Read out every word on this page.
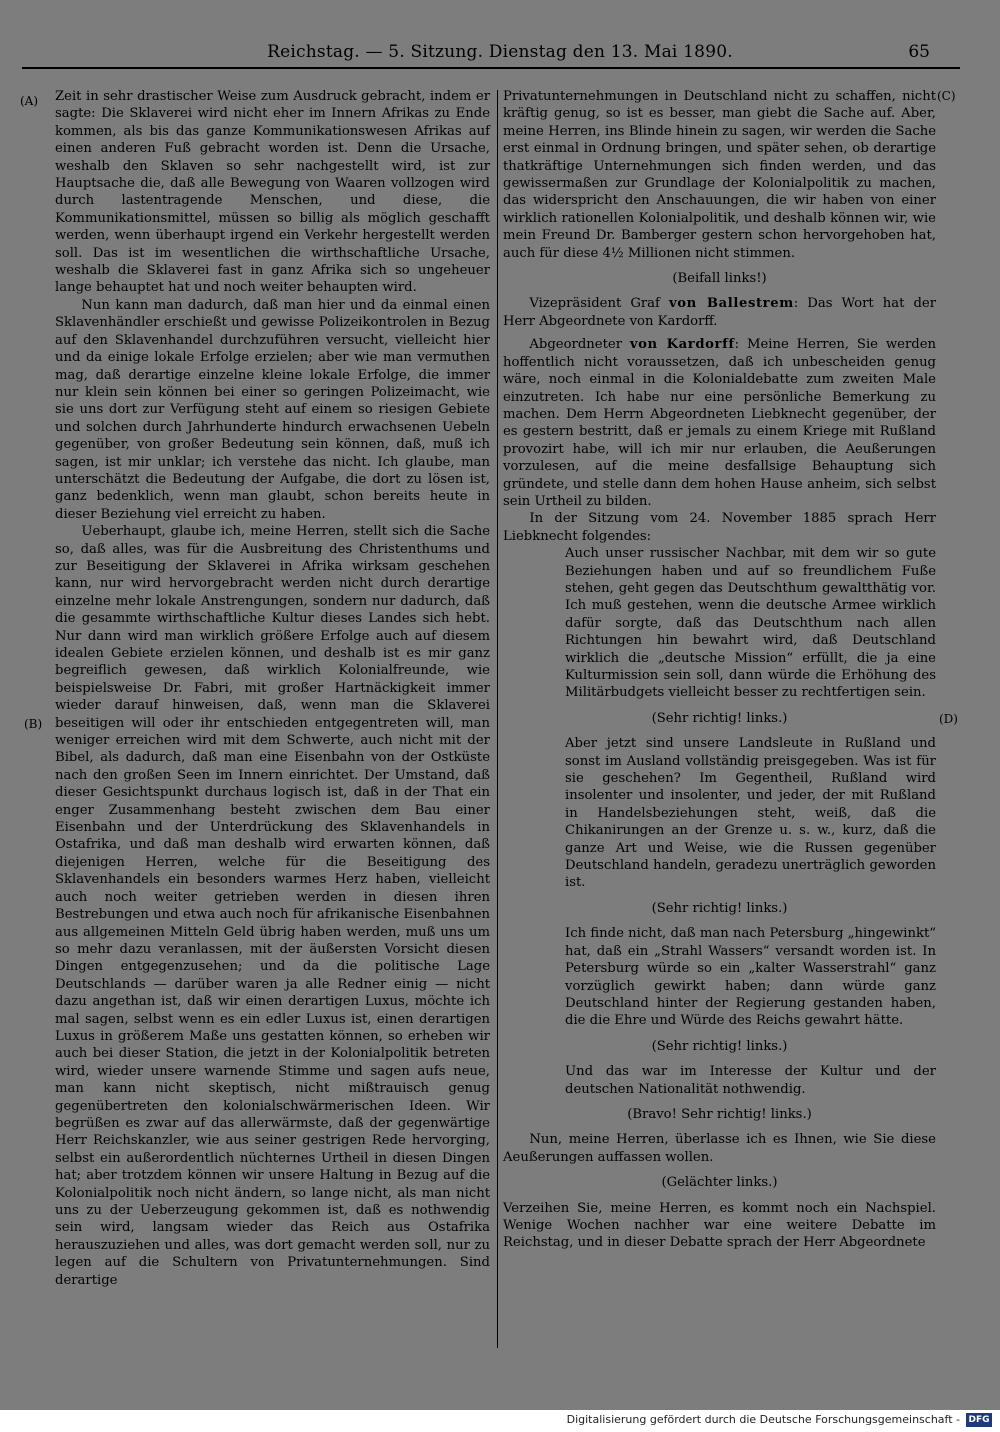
Reichstag. — 5. Sitzung. Dienstag den 13. Mai 1890.	65
(A)
(B)
(C)
(D)

Zeit in sehr drastischer Weise zum Ausdruck gebracht, indem er sagte: Die Sklaverei wird nicht eher im Innern Afrikas zu Ende kommen, als bis das ganze Kommunikationswesen Afrikas auf einen anderen Fuß gebracht worden ist. Denn die Ursache, weshalb den Sklaven so sehr nachgestellt wird, ist zur Hauptsache die, daß alle Bewegung von Waaren vollzogen wird durch lastentragende Menschen, und diese, die Kommunikationsmittel, müssen so billig als möglich geschafft werden, wenn überhaupt irgend ein Verkehr hergestellt werden soll. Das ist im wesentlichen die wirthschaftliche Ursache, weshalb die Sklaverei fast in ganz Afrika sich so ungeheuer lange behauptet hat und noch weiter behaupten wird.

Nun kann man dadurch, daß man hier und da einmal einen Sklavenhändler erschießt und gewisse Polizeikontrolen in Bezug auf den Sklavenhandel durchzuführen versucht, vielleicht hier und da einige lokale Erfolge erzielen; aber wie man vermuthen mag, daß derartige einzelne kleine lokale Erfolge, die immer nur klein sein können bei einer so geringen Polizeimacht, wie sie uns dort zur Verfügung steht auf einem so riesigen Gebiete und solchen durch Jahrhunderte hindurch erwachsenen Uebeln gegenüber, von großer Bedeutung sein können, daß, muß ich sagen, ist mir unklar; ich verstehe das nicht. Ich glaube, man unterschätzt die Bedeutung der Aufgabe, die dort zu lösen ist, ganz bedenklich, wenn man glaubt, schon bereits heute in dieser Beziehung viel erreicht zu haben.

Ueberhaupt, glaube ich, meine Herren, stellt sich die Sache so, daß alles, was für die Ausbreitung des Christenthums und zur Beseitigung der Sklaverei in Afrika wirksam geschehen kann, nur wird hervorgebracht werden nicht durch derartige einzelne mehr lokale Anstrengungen, sondern nur dadurch, daß die gesammte wirthschaftliche Kultur dieses Landes sich hebt. Nur dann wird man wirklich größere Erfolge auch auf diesem idealen Gebiete erzielen können, und deshalb ist es mir ganz begreiflich gewesen, daß wirklich Kolonialfreunde, wie beispielsweise Dr. Fabri, mit großer Hartnäckigkeit immer wieder darauf hinweisen, daß, wenn man die Sklaverei beseitigen will oder ihr entschieden entgegentreten will, man weniger erreichen wird mit dem Schwerte, auch nicht mit der Bibel, als dadurch, daß man eine Eisenbahn von der Ostküste nach den großen Seen im Innern einrichtet. Der Umstand, daß dieser Gesichtspunkt durchaus logisch ist, daß in der That ein enger Zusammenhang besteht zwischen dem Bau einer Eisenbahn und der Unterdrückung des Sklavenhandels in Ostafrika, und daß man deshalb wird erwarten können, daß diejenigen Herren, welche für die Beseitigung des Sklavenhandels ein besonders warmes Herz haben, vielleicht auch noch weiter getrieben werden in diesen ihren Bestrebungen und etwa auch noch für afrikanische Eisenbahnen aus allgemeinen Mitteln Geld übrig haben werden, muß uns um so mehr dazu veranlassen, mit der äußersten Vorsicht diesen Dingen entgegenzusehen; und da die politische Lage Deutschlands — darüber waren ja alle Redner einig — nicht dazu angethan ist, daß wir einen derartigen Luxus, möchte ich mal sagen, selbst wenn es ein edler Luxus ist, einen derartigen Luxus in größerem Maße uns gestatten können, so erheben wir auch bei dieser Station, die jetzt in der Kolonialpolitik betreten wird, wieder unsere warnende Stimme und sagen aufs neue, man kann nicht skeptisch, nicht mißtrauisch genug gegenübertreten den kolonialschwärmerischen Ideen. Wir begrüßen es zwar auf das allerwärmste, daß der gegenwärtige Herr Reichskanzler, wie aus seiner gestrigen Rede hervorging, selbst ein außerordentlich nüchternes Urtheil in diesen Dingen hat; aber trotzdem können wir unsere Haltung in Bezug auf die Kolonialpolitik noch nicht ändern, so lange nicht, als man nicht uns zu der Ueberzeugung gekommen ist, daß es nothwendig sein wird, langsam wieder das Reich aus Ostafrika herauszuziehen und alles, was dort gemacht werden soll, nur zu legen auf die Schultern von Privatunternehmungen. Sind derartige

Privatunternehmungen in Deutschland nicht zu schaffen, nicht kräftig genug, so ist es besser, man giebt die Sache auf. Aber, meine Herren, ins Blinde hinein zu sagen, wir werden die Sache erst einmal in Ordnung bringen, und später sehen, ob derartige thatkräftige Unternehmungen sich finden werden, und das gewissermaßen zur Grundlage der Kolonialpolitik zu machen, das widerspricht den Anschauungen, die wir haben von einer wirklich rationellen Kolonialpolitik, und deshalb können wir, wie mein Freund Dr. Bamberger gestern schon hervorgehoben hat, auch für diese 4½ Millionen nicht stimmen.

(Beifall links!)

Vizepräsident Graf von Ballestrem: Das Wort hat der Herr Abgeordnete von Kardorff.

Abgeordneter von Kardorff: Meine Herren, Sie werden hoffentlich nicht voraussetzen, daß ich unbescheiden genug wäre, noch einmal in die Kolonialdebatte zum zweiten Male einzutreten. Ich habe nur eine persönliche Bemerkung zu machen. Dem Herrn Abgeordneten Liebknecht gegenüber, der es gestern bestritt, daß er jemals zu einem Kriege mit Rußland provozirt habe, will ich mir nur erlauben, die Aeußerungen vorzulesen, auf die meine desfallsige Behauptung sich gründete, und stelle dann dem hohen Hause anheim, sich selbst sein Urtheil zu bilden.

In der Sitzung vom 24. November 1885 sprach Herr Liebknecht folgendes:

Auch unser russischer Nachbar, mit dem wir so gute Beziehungen haben und auf so freundlichem Fuße stehen, geht gegen das Deutschthum gewaltthätig vor. Ich muß gestehen, wenn die deutsche Armee wirklich dafür sorgte, daß das Deutschthum nach allen Richtungen hin bewahrt wird, daß Deutschland wirklich die „deutsche Mission“ erfüllt, die ja eine Kulturmission sein soll, dann würde die Erhöhung des Militärbudgets vielleicht besser zu rechtfertigen sein.

(Sehr richtig! links.)

Aber jetzt sind unsere Landsleute in Rußland und sonst im Ausland vollständig preisgegeben. Was ist für sie geschehen? Im Gegentheil, Rußland wird insolenter und insolenter, und jeder, der mit Rußland in Handelsbeziehungen steht, weiß, daß die Chikanirungen an der Grenze u. s. w., kurz, daß die ganze Art und Weise, wie die Russen gegenüber Deutschland handeln, geradezu unerträglich geworden ist.

(Sehr richtig! links.)

Ich finde nicht, daß man nach Petersburg „hingewinkt“ hat, daß ein „Strahl Wassers“ versandt worden ist. In Petersburg würde so ein „kalter Wasserstrahl“ ganz vorzüglich gewirkt haben; dann würde ganz Deutschland hinter der Regierung gestanden haben, die die Ehre und Würde des Reichs gewahrt hätte.

(Sehr richtig! links.)

Und das war im Interesse der Kultur und der deutschen Nationalität nothwendig.

(Bravo! Sehr richtig! links.)

Nun, meine Herren, überlasse ich es Ihnen, wie Sie diese Aeußerungen auffassen wollen.

(Gelächter links.)

Verzeihen Sie, meine Herren, es kommt noch ein Nachspiel. Wenige Wochen nachher war eine weitere Debatte im Reichstag, und in dieser Debatte sprach der Herr Abgeordnete

Digitalisierung gefördert durch die Deutsche Forschungsgemeinschaft - DFG
